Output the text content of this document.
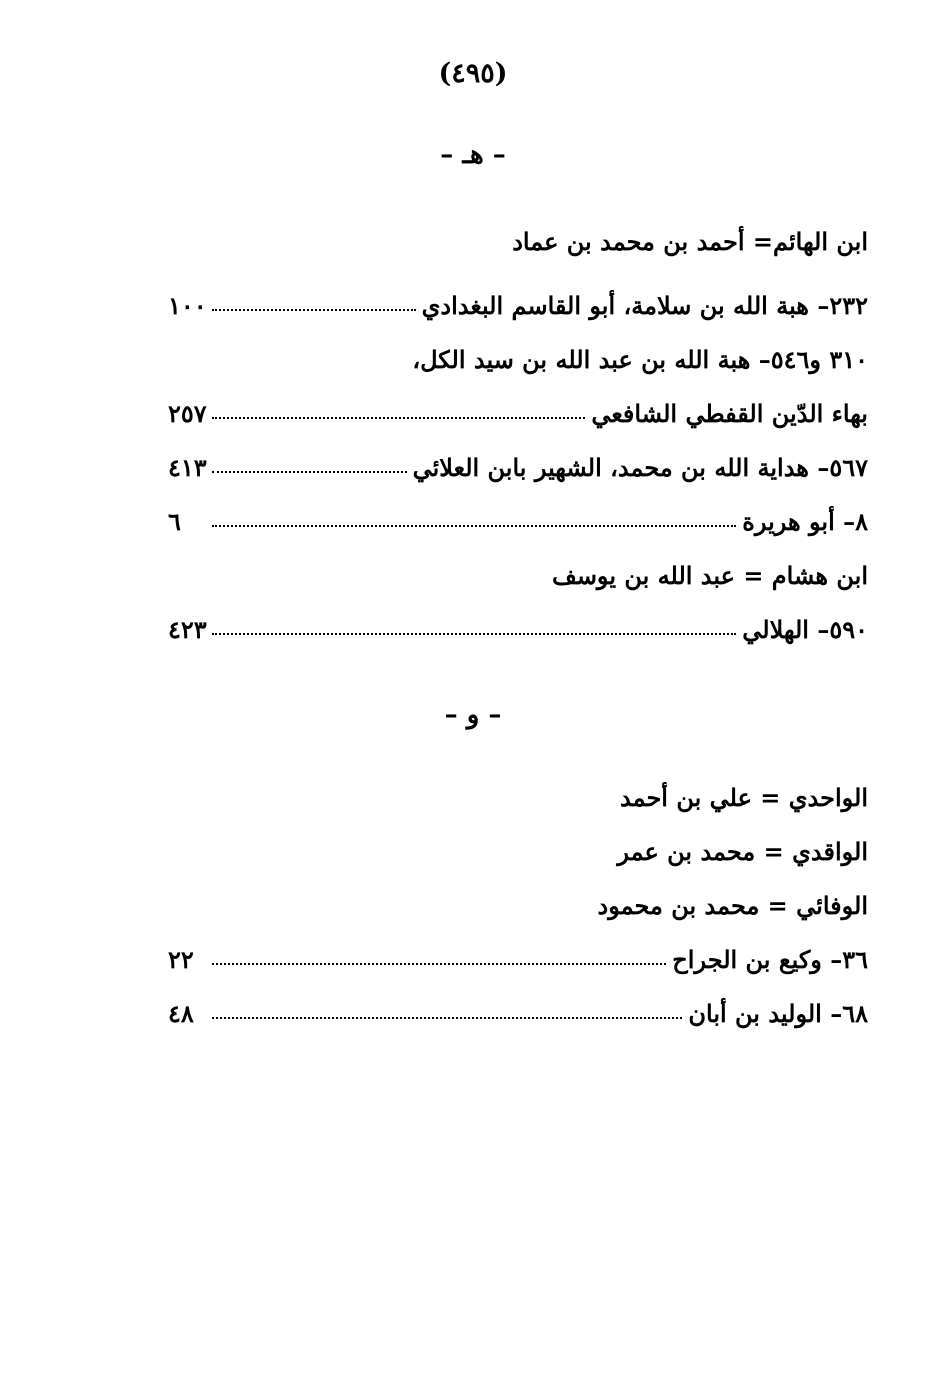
(٤٩٥)
– هـ –
ابن الهائم= أحمد بن محمد بن عماد
٢٣٢– هبة الله بن سلامة، أبو القاسم البغدادي
١٠٠
٣١٠ و٥٤٦– هبة الله بن عبد الله بن سيد الكل،
بهاء الدّين القفطي الشافعي
٢٥٧
٥٦٧– هداية الله بن محمد، الشهير بابن العلائي
٤١٣
٨– أبو هريرة
٦
ابن هشام = عبد الله بن يوسف
٥٩٠– الهلالي
٤٢٣
– و –
الواحدي = علي بن أحمد
الواقدي = محمد بن عمر
الوفائي = محمد بن محمود
٣٦– وكيع بن الجراح
٢٢
٦٨– الوليد بن أبان
٤٨
